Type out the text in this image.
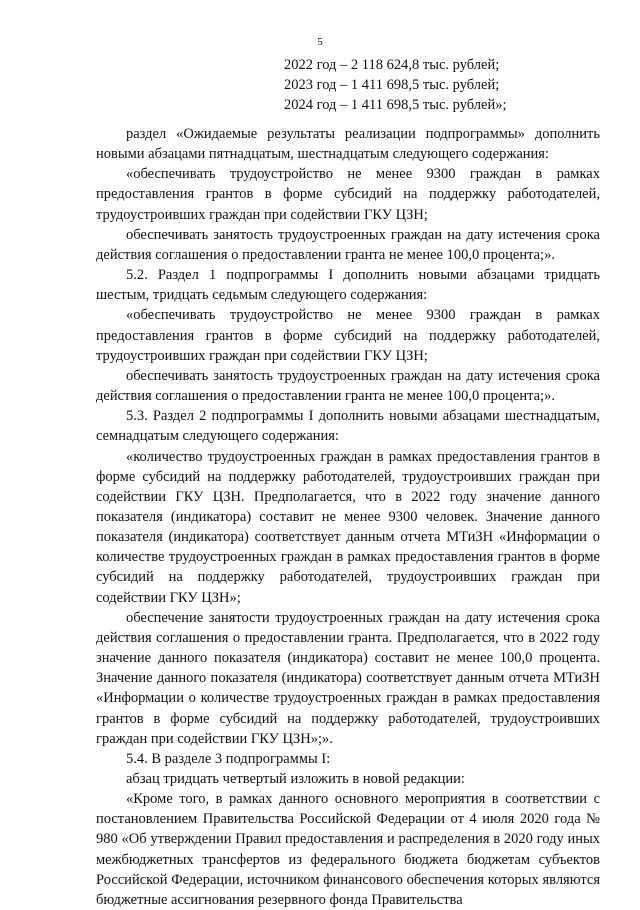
5

2022 год – 2 118 624,8 тыс. рублей;
2023 год – 1 411 698,5 тыс. рублей;
2024 год – 1 411 698,5 тыс. рублей»;

раздел «Ожидаемые результаты реализации подпрограммы» дополнить новыми абзацами пятнадцатым, шестнадцатым следующего содержания:

«обеспечивать трудоустройство не менее 9300 граждан в рамках предоставления грантов в форме субсидий на поддержку работодателей, трудоустроивших граждан при содействии ГКУ ЦЗН;

обеспечивать занятость трудоустроенных граждан на дату истечения срока действия соглашения о предоставлении гранта не менее 100,0 процента;».

5.2. Раздел 1 подпрограммы I дополнить новыми абзацами тридцать шестым, тридцать седьмым следующего содержания:

«обеспечивать трудоустройство не менее 9300 граждан в рамках предоставления грантов в форме субсидий на поддержку работодателей, трудоустроивших граждан при содействии ГКУ ЦЗН;

обеспечивать занятость трудоустроенных граждан на дату истечения срока действия соглашения о предоставлении гранта не менее 100,0 процента;».

5.3. Раздел 2 подпрограммы I дополнить новыми абзацами шестнадцатым, семнадцатым следующего содержания:

«количество трудоустроенных граждан в рамках предоставления грантов в форме субсидий на поддержку работодателей, трудоустроивших граждан при содействии ГКУ ЦЗН. Предполагается, что в 2022 году значение данного показателя (индикатора) составит не менее 9300 человек. Значение данного показателя (индикатора) соответствует данным отчета МТиЗН «Информации о количестве трудоустроенных граждан в рамках предоставления грантов в форме субсидий на поддержку работодателей, трудоустроивших граждан при содействии ГКУ ЦЗН»;

обеспечение занятости трудоустроенных граждан на дату истечения срока действия соглашения о предоставлении гранта. Предполагается, что в 2022 году значение данного показателя (индикатора) составит не менее 100,0 процента. Значение данного показателя (индикатора) соответствует данным отчета МТиЗН «Информации о количестве трудоустроенных граждан в рамках предоставления грантов в форме субсидий на поддержку работодателей, трудоустроивших граждан при содействии ГКУ ЦЗН»;».

5.4. В разделе 3 подпрограммы I:

абзац тридцать четвертый изложить в новой редакции:

«Кроме того, в рамках данного основного мероприятия в соответствии с постановлением Правительства Российской Федерации от 4 июля 2020 года № 980 «Об утверждении Правил предоставления и распределения в 2020 году иных межбюджетных трансфертов из федерального бюджета бюджетам субъектов Российской Федерации, источником финансового обеспечения которых являются бюджетные ассигнования резервного фонда Правительства
